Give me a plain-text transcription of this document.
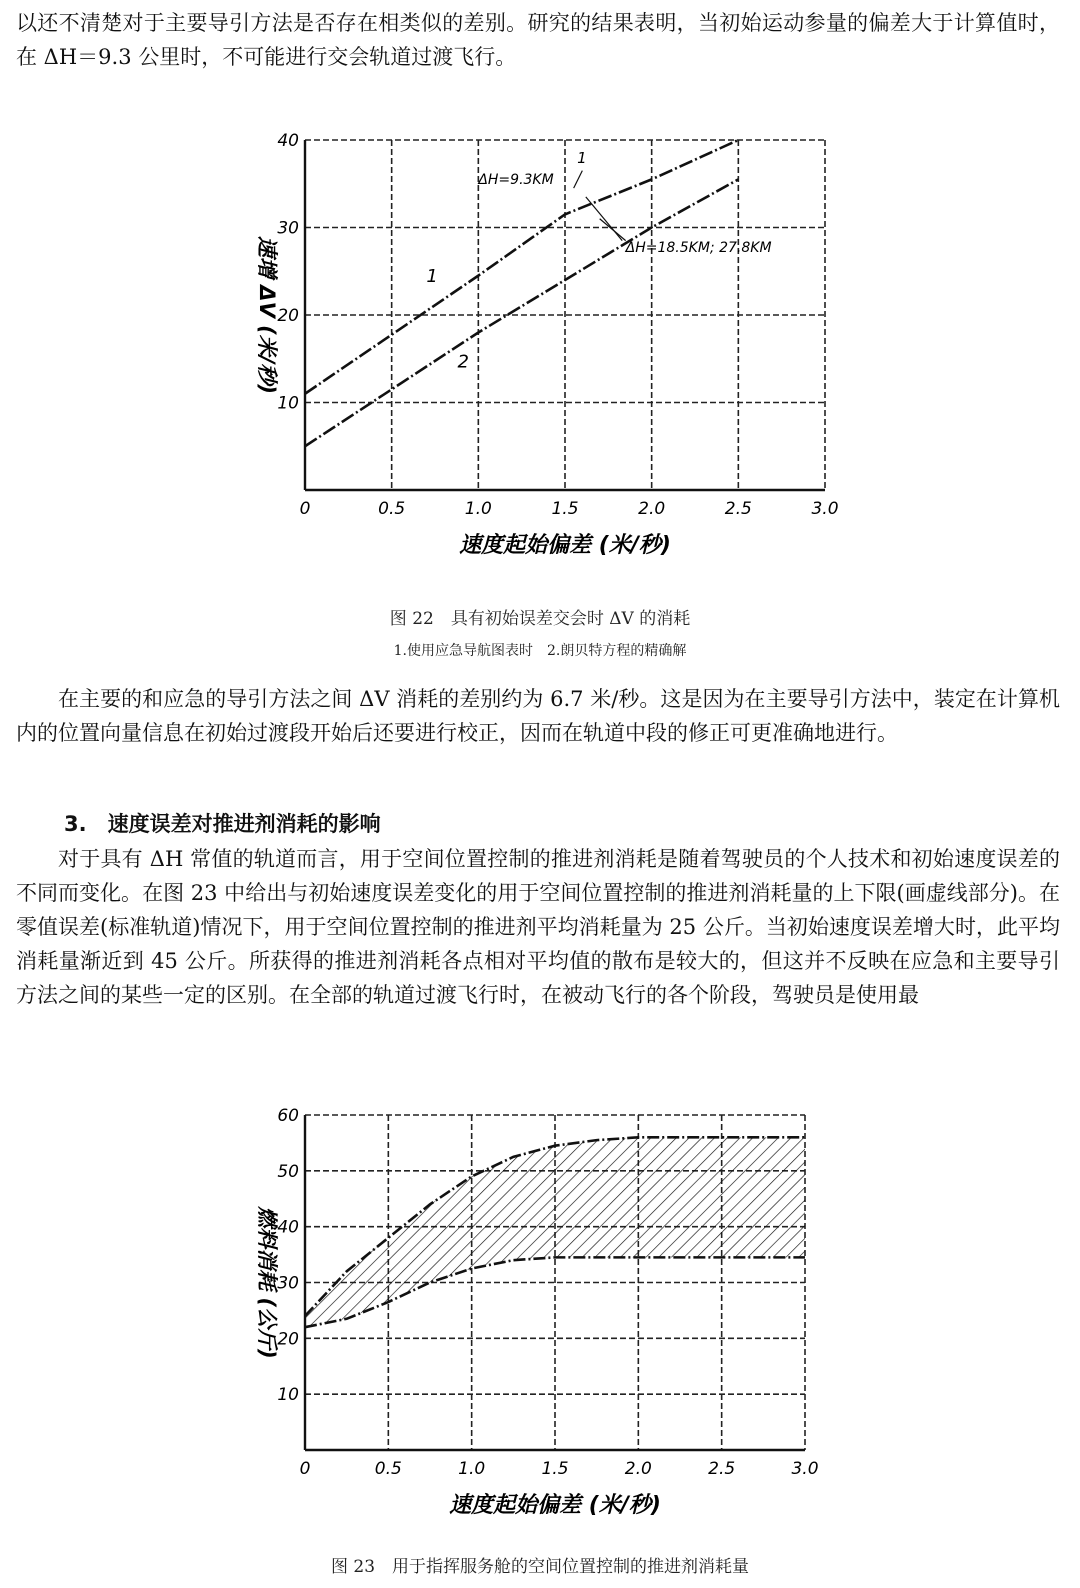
以还不清楚对于主要导引方法是否存在相类似的差别。研究的结果表明，当初始运动参量的偏差大于计算值时，在 ΔH＝9.3 公里时，不可能进行交会轨道过渡飞行。

0	0.5	1.0	1.5	2.0	2.5	3.0
10
20
30
40
速度起始偏差 (米/秒)
速增 ΔV (米/秒)
ΔH=9.3KM
ΔH=18.5KM; 27.8KM
1
2
1
图 22　具有初始误差交会时 ΔV 的消耗
1.使用应急导航图表时　2.朗贝特方程的精确解

在主要的和应急的导引方法之间 ΔV 消耗的差别约为 6.7 米/秒。这是因为在主要导引方法中，装定在计算机内的位置向量信息在初始过渡段开始后还要进行校正，因而在轨道中段的修正可更准确地进行。

3.　速度误差对推进剂消耗的影响

对于具有 ΔH 常值的轨道而言，用于空间位置控制的推进剂消耗是随着驾驶员的个人技术和初始速度误差的不同而变化。在图 23 中给出与初始速度误差变化的用于空间位置控制的推进剂消耗量的上下限(画虚线部分)。在零值误差(标准轨道)情况下，用于空间位置控制的推进剂平均消耗量为 25 公斤。当初始速度误差增大时，此平均消耗量渐近到 45 公斤。所获得的推进剂消耗各点相对平均值的散布是较大的，但这并不反映在应急和主要导引方法之间的某些一定的区别。在全部的轨道过渡飞行时，在被动飞行的各个阶段，驾驶员是使用最

0	0.5	1.0	1.5	2.0	2.5	3.0
10
20
30
40
50
60
速度起始偏差 (米/秒)
燃料消耗 (公斤)
图 23　用于指挥服务舱的空间位置控制的推进剂消耗量
